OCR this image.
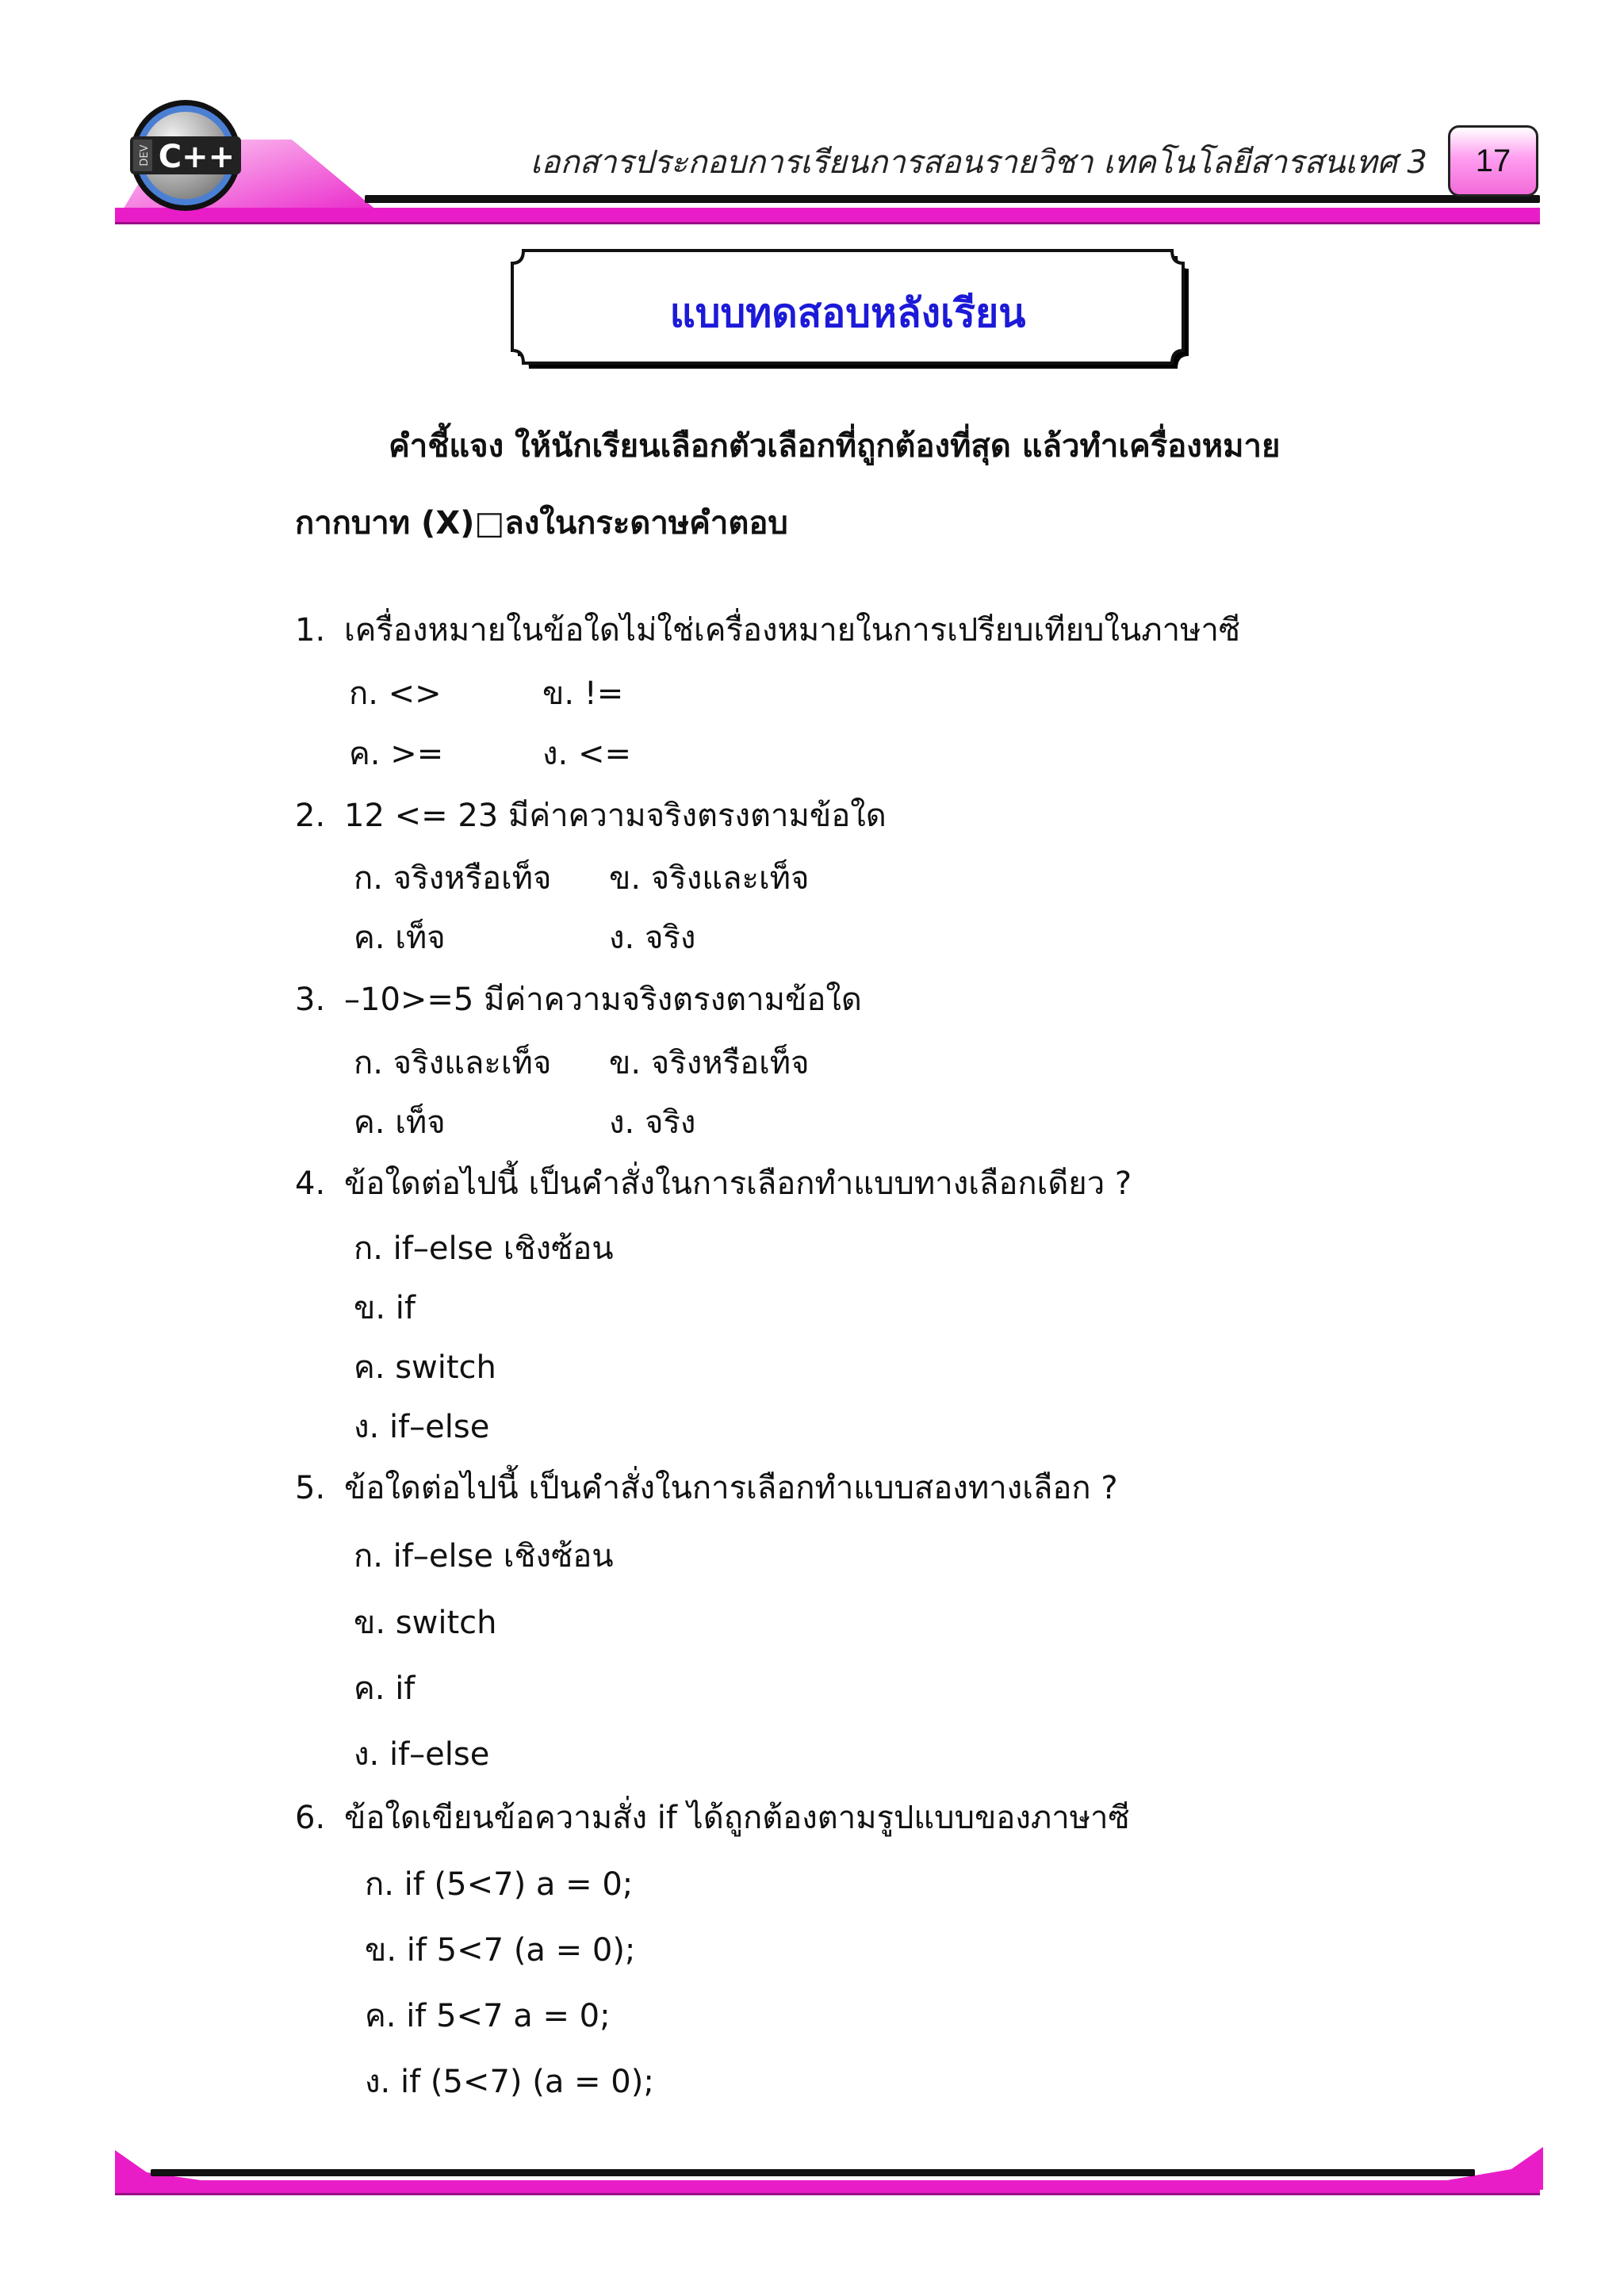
DEV C++	เอกสารประกอบการเรียนการสอนรายวิชา เทคโนโลยีสารสนเทศ 3	17
แบบทดสอบหลังเรียน
คำชี้แจง ให้นักเรียนเลือกตัวเลือกที่ถูกต้องที่สุด แล้วทำเครื่องหมาย
กากบาท (X)□ลงในกระดาษคำตอบ
1. เครื่องหมายในข้อใดไม่ใช่เครื่องหมายในการเปรียบเทียบในภาษาซี
ก. <>	ข. !=
ค. >=	ง. <=
2. 12 <= 23 มีค่าความจริงตรงตามข้อใด
ก. จริงหรือเท็จ ข. จริงและเท็จ
ค. เท็จ	ง. จริง
3. –10>=5 มีค่าความจริงตรงตามข้อใด
ก. จริงและเท็จ ข. จริงหรือเท็จ
ค. เท็จ	ง. จริง
4. ข้อใดต่อไปนี้ เป็นคำสั่งในการเลือกทำแบบทางเลือกเดียว ?
ก. if–else เชิงซ้อน
ข. if
ค. switch
ง. if–else
5. ข้อใดต่อไปนี้ เป็นคำสั่งในการเลือกทำแบบสองทางเลือก ?
ก. if–else เชิงซ้อน
ข. switch
ค. if
ง. if–else
6. ข้อใดเขียนข้อความสั่ง if ได้ถูกต้องตามรูปแบบของภาษาซี
ก. if (5<7) a = 0;
ข. if 5<7 (a = 0);
ค. if 5<7 a = 0;
ง. if (5<7) (a = 0);
